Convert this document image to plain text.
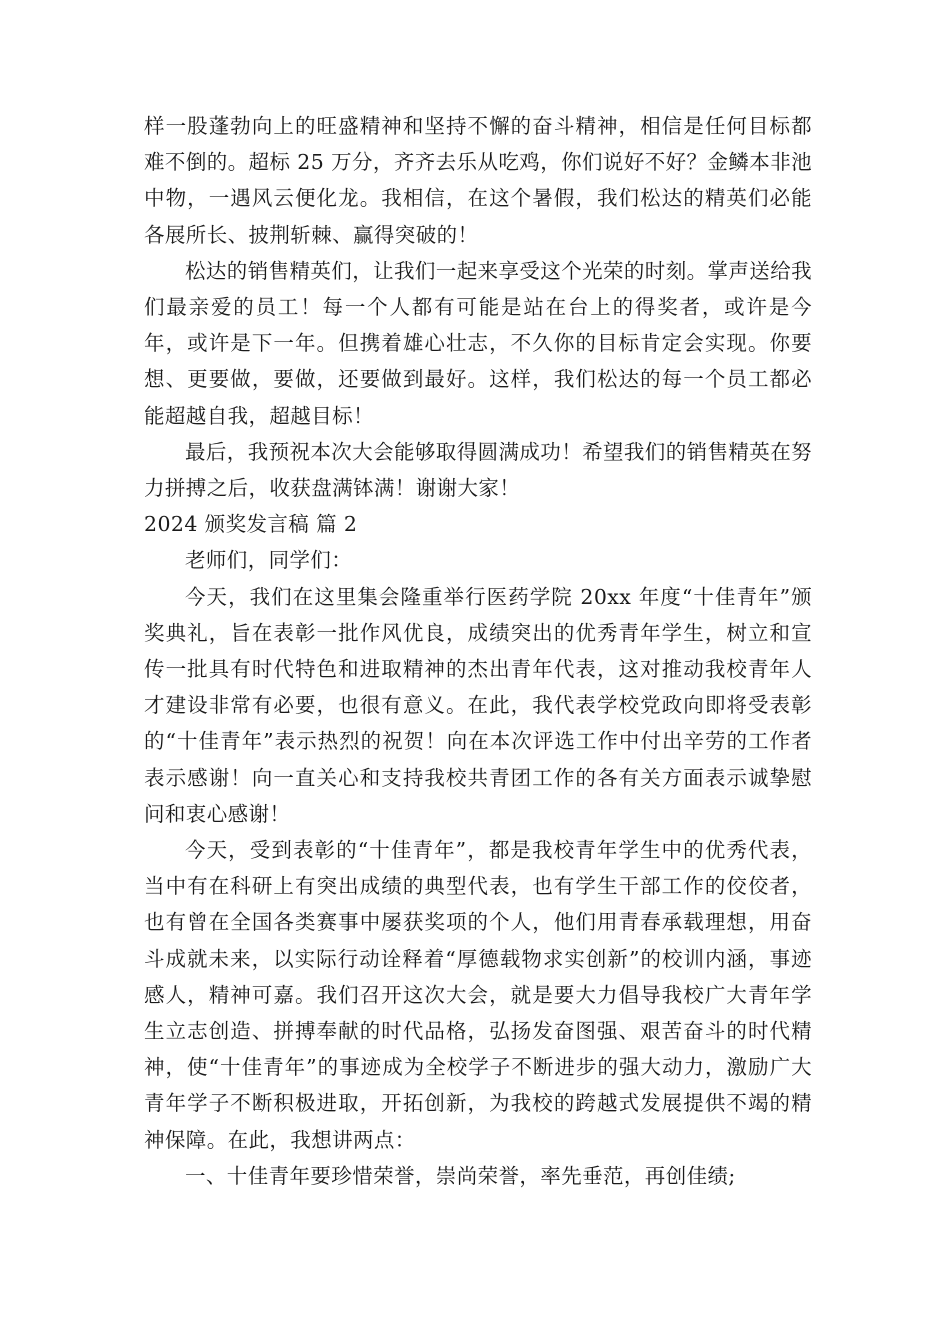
样一股蓬勃向上的旺盛精神和坚持不懈的奋斗精神，相信是任何目标都难不倒的。超标 25 万分，齐齐去乐从吃鸡，你们说好不好？金鳞本非池中物，一遇风云便化龙。我相信，在这个暑假，我们松达的精英们必能各展所长、披荆斩棘、赢得突破的！

松达的销售精英们，让我们一起来享受这个光荣的时刻。掌声送给我们最亲爱的员工！每一个人都有可能是站在台上的得奖者，或许是今年，或许是下一年。但携着雄心壮志，不久你的目标肯定会实现。你要想、更要做，要做，还要做到最好。这样，我们松达的每一个员工都必能超越自我，超越目标！

最后，我预祝本次大会能够取得圆满成功！希望我们的销售精英在努力拼搏之后，收获盘满钵满！谢谢大家！

2024 颁奖发言稿 篇 2

老师们，同学们：

今天，我们在这里集会隆重举行医药学院 20xx 年度“十佳青年”颁奖典礼，旨在表彰一批作风优良，成绩突出的优秀青年学生，树立和宣传一批具有时代特色和进取精神的杰出青年代表，这对推动我校青年人才建设非常有必要，也很有意义。在此，我代表学校党政向即将受表彰的“十佳青年”表示热烈的祝贺！向在本次评选工作中付出辛劳的工作者表示感谢！向一直关心和支持我校共青团工作的各有关方面表示诚挚慰问和衷心感谢！

今天，受到表彰的“十佳青年”，都是我校青年学生中的优秀代表，当中有在科研上有突出成绩的典型代表，也有学生干部工作的佼佼者，也有曾在全国各类赛事中屡获奖项的个人，他们用青春承载理想，用奋斗成就未来，以实际行动诠释着“厚德载物求实创新”的校训内涵，事迹感人，精神可嘉。我们召开这次大会，就是要大力倡导我校广大青年学生立志创造、拼搏奉献的时代品格，弘扬发奋图强、艰苦奋斗的时代精神，使“十佳青年”的事迹成为全校学子不断进步的强大动力，激励广大青年学子不断积极进取，开拓创新，为我校的跨越式发展提供不竭的精神保障。在此，我想讲两点：

一、十佳青年要珍惜荣誉，崇尚荣誉，率先垂范，再创佳绩;
